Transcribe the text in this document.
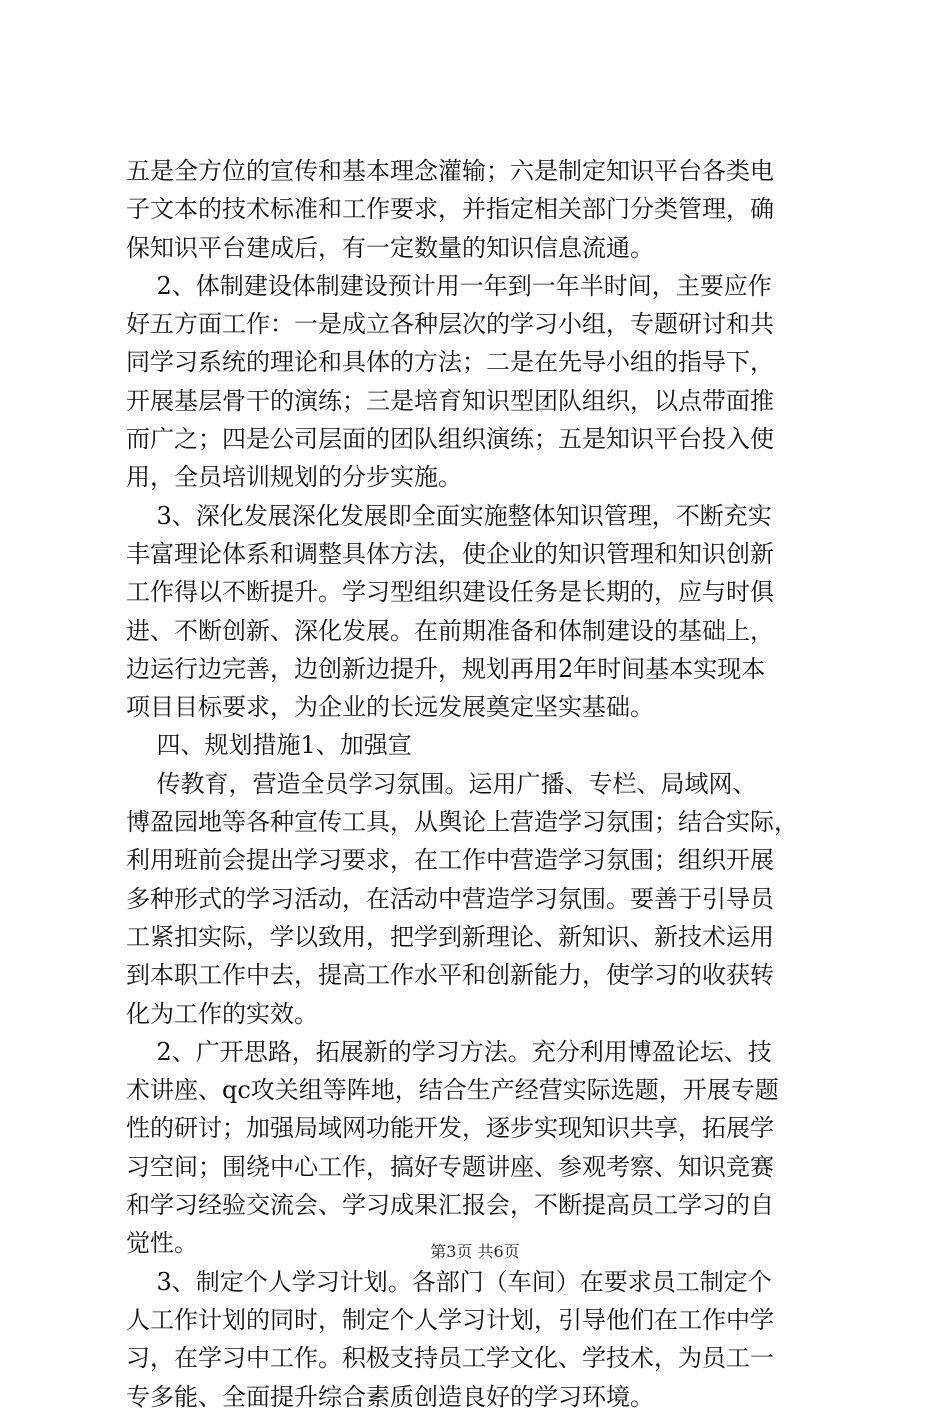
五是全方位的宣传和基本理念灌输；六是制定知识平台各类电
子文本的技术标准和工作要求，并指定相关部门分类管理，确
保知识平台建成后，有一定数量的知识信息流通。
2、体制建设体制建设预计用一年到一年半时间，主要应作
好五方面工作：一是成立各种层次的学习小组，专题研讨和共
同学习系统的理论和具体的方法；二是在先导小组的指导下，
开展基层骨干的演练；三是培育知识型团队组织，以点带面推
而广之；四是公司层面的团队组织演练；五是知识平台投入使
用，全员培训规划的分步实施。
3、深化发展深化发展即全面实施整体知识管理，不断充实
丰富理论体系和调整具体方法，使企业的知识管理和知识创新
工作得以不断提升。学习型组织建设任务是长期的，应与时俱
进、不断创新、深化发展。在前期准备和体制建设的基础上，
边运行边完善，边创新边提升，规划再用2年时间基本实现本
项目目标要求，为企业的长远发展奠定坚实基础。
四、规划措施1、加强宣
传教育，营造全员学习氛围。运用广播、专栏、局域网、
博盈园地等各种宣传工具，从舆论上营造学习氛围；结合实际，
利用班前会提出学习要求，在工作中营造学习氛围；组织开展
多种形式的学习活动，在活动中营造学习氛围。要善于引导员
工紧扣实际，学以致用，把学到新理论、新知识、新技术运用
到本职工作中去，提高工作水平和创新能力，使学习的收获转
化为工作的实效。
2、广开思路，拓展新的学习方法。充分利用博盈论坛、技
术讲座、qc攻关组等阵地，结合生产经营实际选题，开展专题
性的研讨；加强局域网功能开发，逐步实现知识共享，拓展学
习空间；围绕中心工作，搞好专题讲座、参观考察、知识竞赛
和学习经验交流会、学习成果汇报会，不断提高员工学习的自
觉性。
3、制定个人学习计划。各部门（车间）在要求员工制定个
人工作计划的同时，制定个人学习计划，引导他们在工作中学
习，在学习中工作。积极支持员工学文化、学技术，为员工一
专多能、全面提升综合素质创造良好的学习环境。
第3页 共6页
